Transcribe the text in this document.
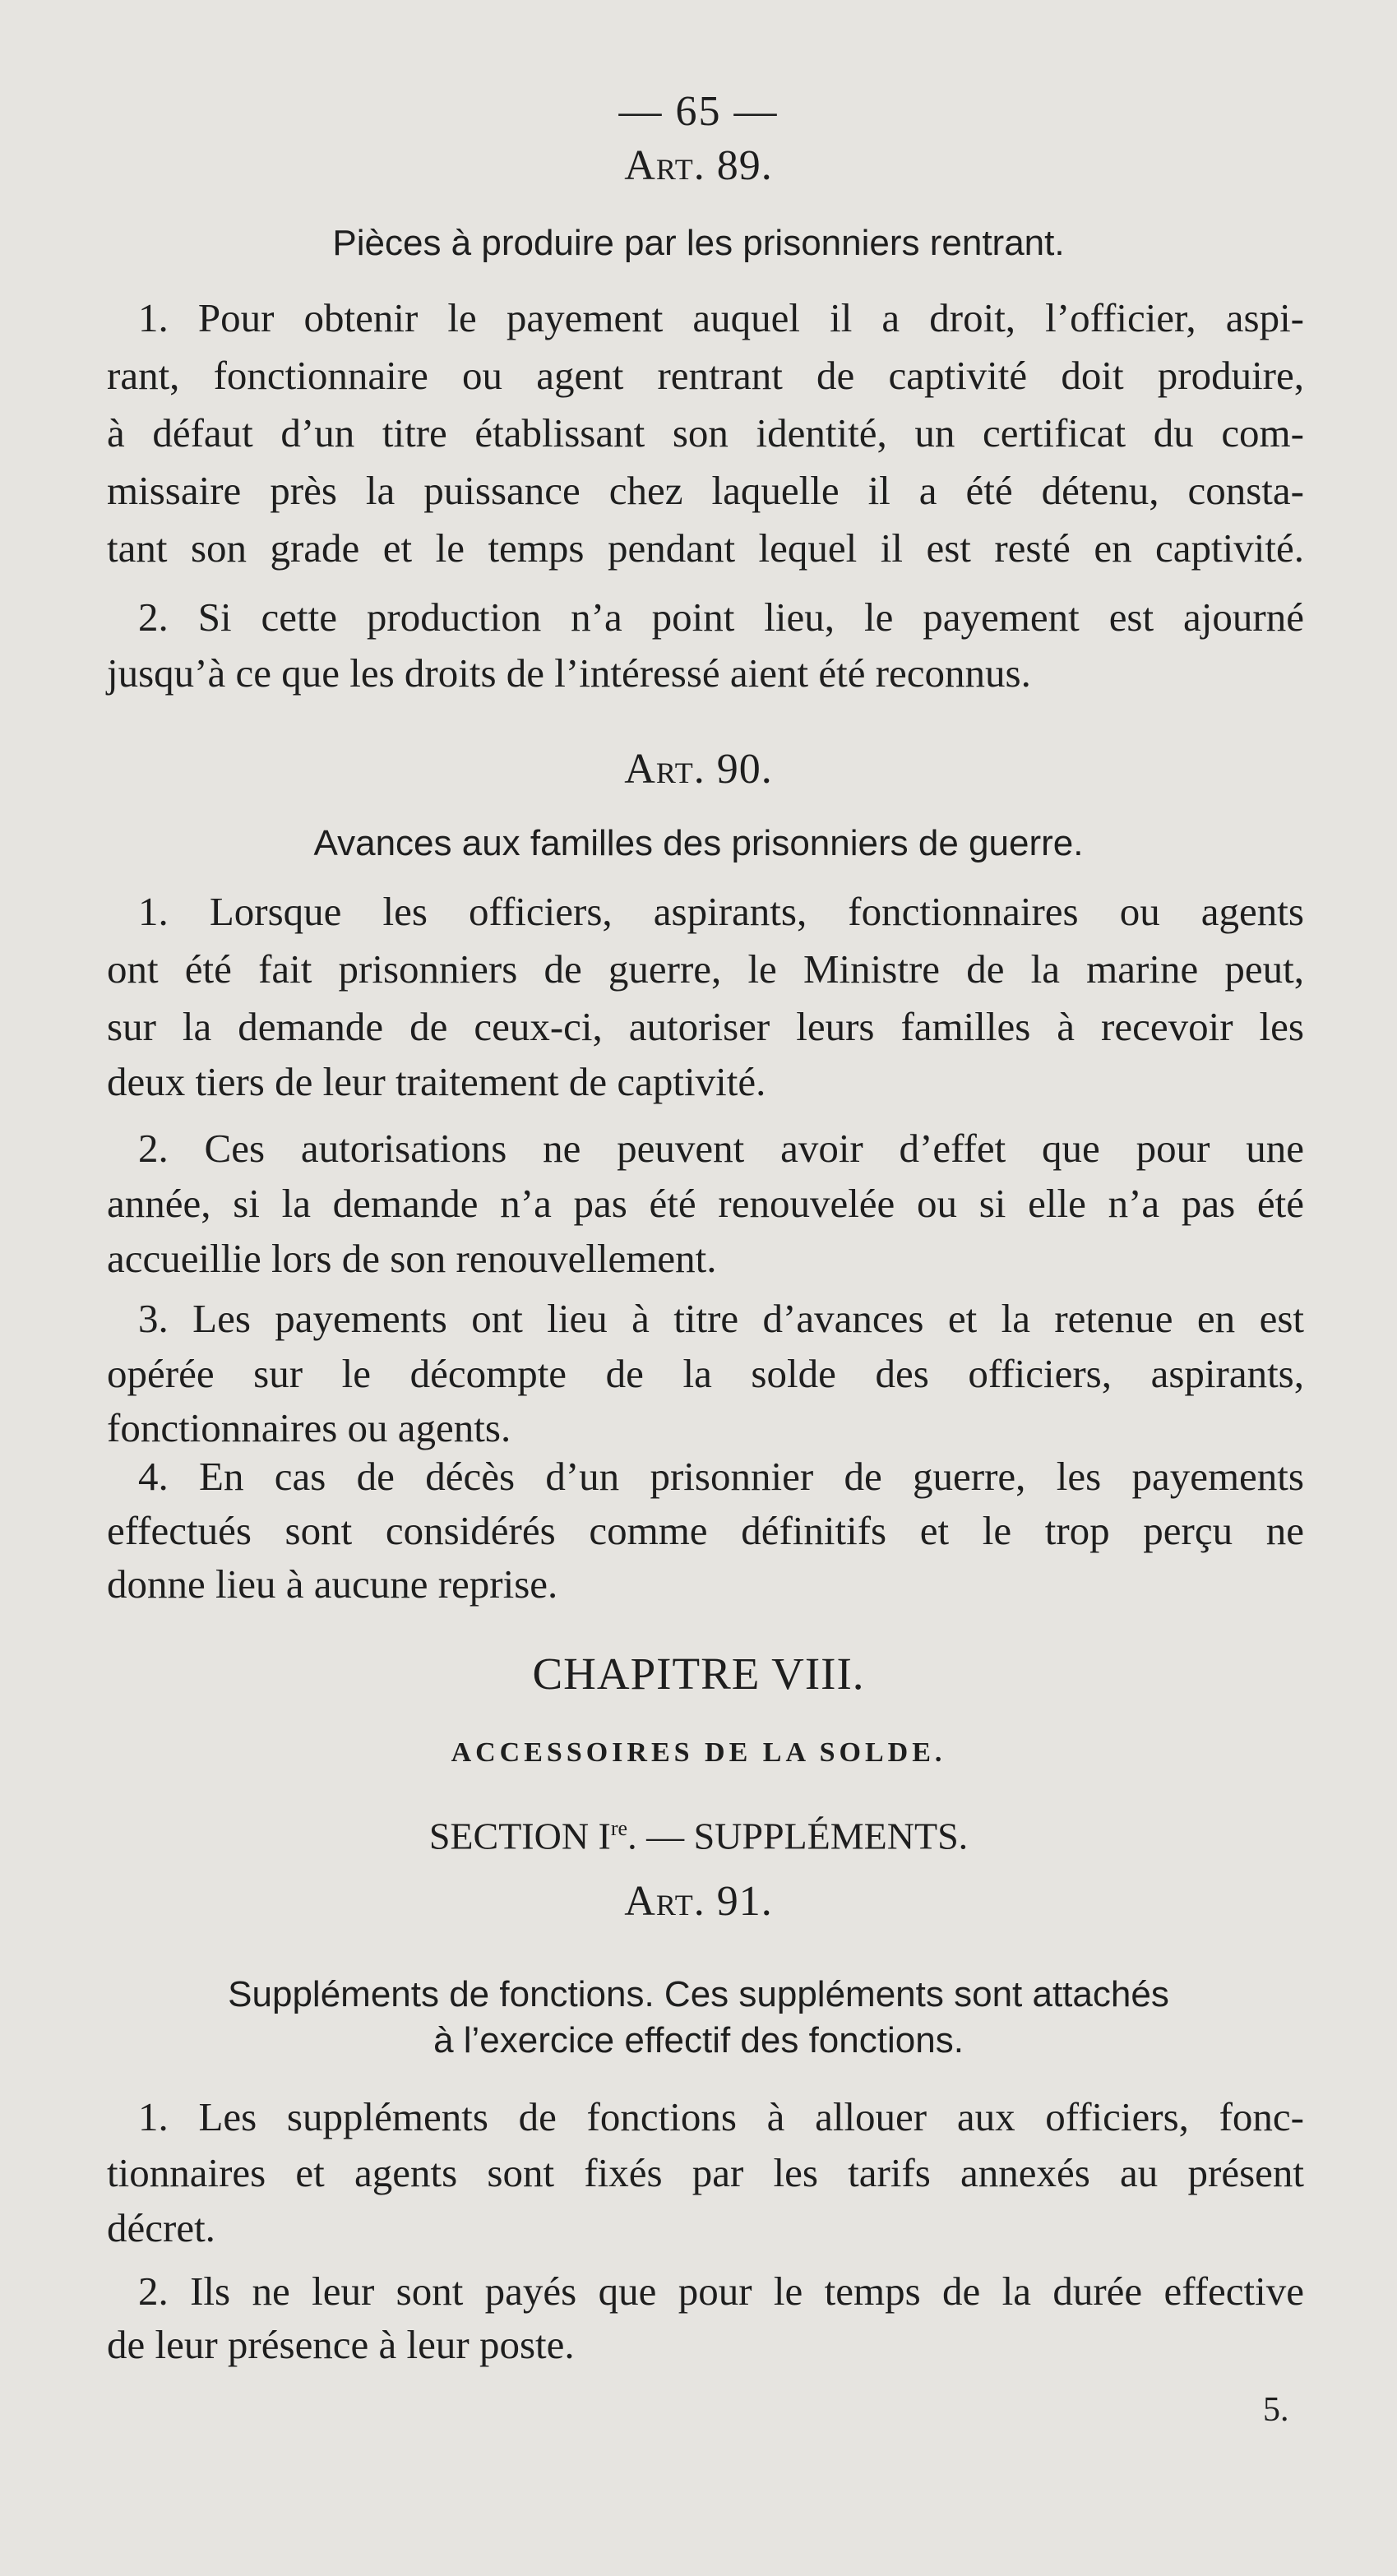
— 65 —

Art. 89.

Pièces à produire par les prisonniers rentrant.

1. Pour obtenir le payement auquel il a droit, l’officier, aspi-

rant, fonctionnaire ou agent rentrant de captivité doit produire,

à défaut d’un titre établissant son identité, un certificat du com-

missaire près la puissance chez laquelle il a été détenu, consta-

tant son grade et le temps pendant lequel il est resté en captivité.

2. Si cette production n’a point lieu, le payement est ajourné

jusqu’à ce que les droits de l’intéressé aient été reconnus.

Art. 90.

Avances aux familles des prisonniers de guerre.

1. Lorsque les officiers, aspirants, fonctionnaires ou agents

ont été fait prisonniers de guerre, le Ministre de la marine peut,

sur la demande de ceux-ci, autoriser leurs familles à recevoir les

deux tiers de leur traitement de captivité.

2. Ces autorisations ne peuvent avoir d’effet que pour une

année, si la demande n’a pas été renouvelée ou si elle n’a pas été

accueillie lors de son renouvellement.

3. Les payements ont lieu à titre d’avances et la retenue en est

opérée sur le décompte de la solde des officiers, aspirants,

fonctionnaires ou agents.

4. En cas de décès d’un prisonnier de guerre, les payements

effectués sont considérés comme définitifs et le trop perçu ne

donne lieu à aucune reprise.

CHAPITRE VIII.

ACCESSOIRES DE LA SOLDE.

SECTION Ire. — SUPPLÉMENTS.

Art. 91.

Suppléments de fonctions. Ces suppléments sont attachés

à l’exercice effectif des fonctions.

1. Les suppléments de fonctions à allouer aux officiers, fonc-

tionnaires et agents sont fixés par les tarifs annexés au présent

décret.

2. Ils ne leur sont payés que pour le temps de la durée effective

de leur présence à leur poste.

5.
